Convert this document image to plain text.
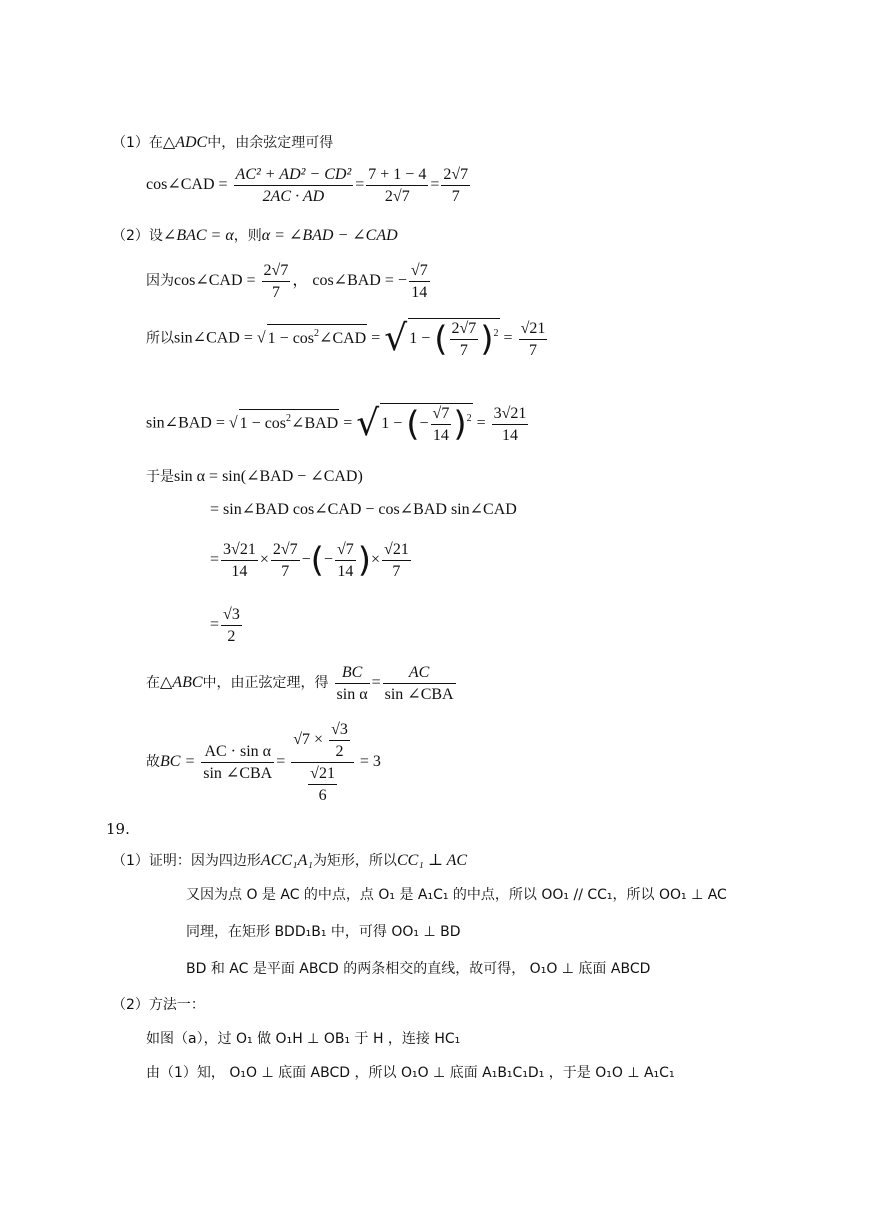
（1）在△ADC中，由余弦定理可得
cos∠CAD = $\frac{\text{AC² + AD² − CD²}}{2AC \cdot AD} = \frac{7 + 1 - 4}{2√7} = \frac{2√7}{7}$
（2）设∠BAC = α，则α = ∠BAD − ∠CAD
因为cos∠CAD = $\frac{2√7}{7}$ ， cos∠BAD = − $\frac{√7}{14}$
所以sin∠CAD = √ $1 - \cos^2\angle CAD$ = √ 1 − ( $\frac{2√7}{7} )^2 = \frac{√21}{7}$
sin∠BAD = √ $1 - \cos^2\angle BAD$ = √ 1 − (− $\frac{√7}{14} )^2 = \frac{3√21}{14}$
于是sin α = sin(∠BAD − ∠CAD)
= sin∠BAD cos∠CAD − cos∠BAD sin∠CAD
= $\frac{3√21}{14} \times \frac{2√7}{7}$ −(− $\frac{√7}{14}$ )× $\frac{√21}{7}$
= $\frac{√3}{2}$
在△ABC中，由正弦定理，得 $\frac{BC}{\text{sin α}} = \frac{AC}{\text{sin ∠CBA}}$
故BC = $\frac{\text{AC · sin α}}{\text{sin ∠CBA}} = \frac{√7 \times \frac{√3}{2}}{\frac{√21}{6}} = 3$
19.
（1）证明：因为四边形ACC₁A₁为矩形，所以CC₁ ⊥ AC
又因为点 O 是 AC 的中点，点 O₁ 是 A₁C₁ 的中点，所以 OO₁ // CC₁，所以 OO₁ ⊥ AC
同理，在矩形 BDD₁B₁ 中，可得 OO₁ ⊥ BD
BD 和 AC 是平面 ABCD 的两条相交的直线，故可得， O₁O ⊥ 底面 ABCD
（2）方法一：
如图（a），过 O₁ 做 O₁H ⊥ OB₁ 于 H ，连接 HC₁
由（1）知， O₁O ⊥ 底面 ABCD ，所以 O₁O ⊥ 底面 A₁B₁C₁D₁ ，于是 O₁O ⊥ A₁C₁
